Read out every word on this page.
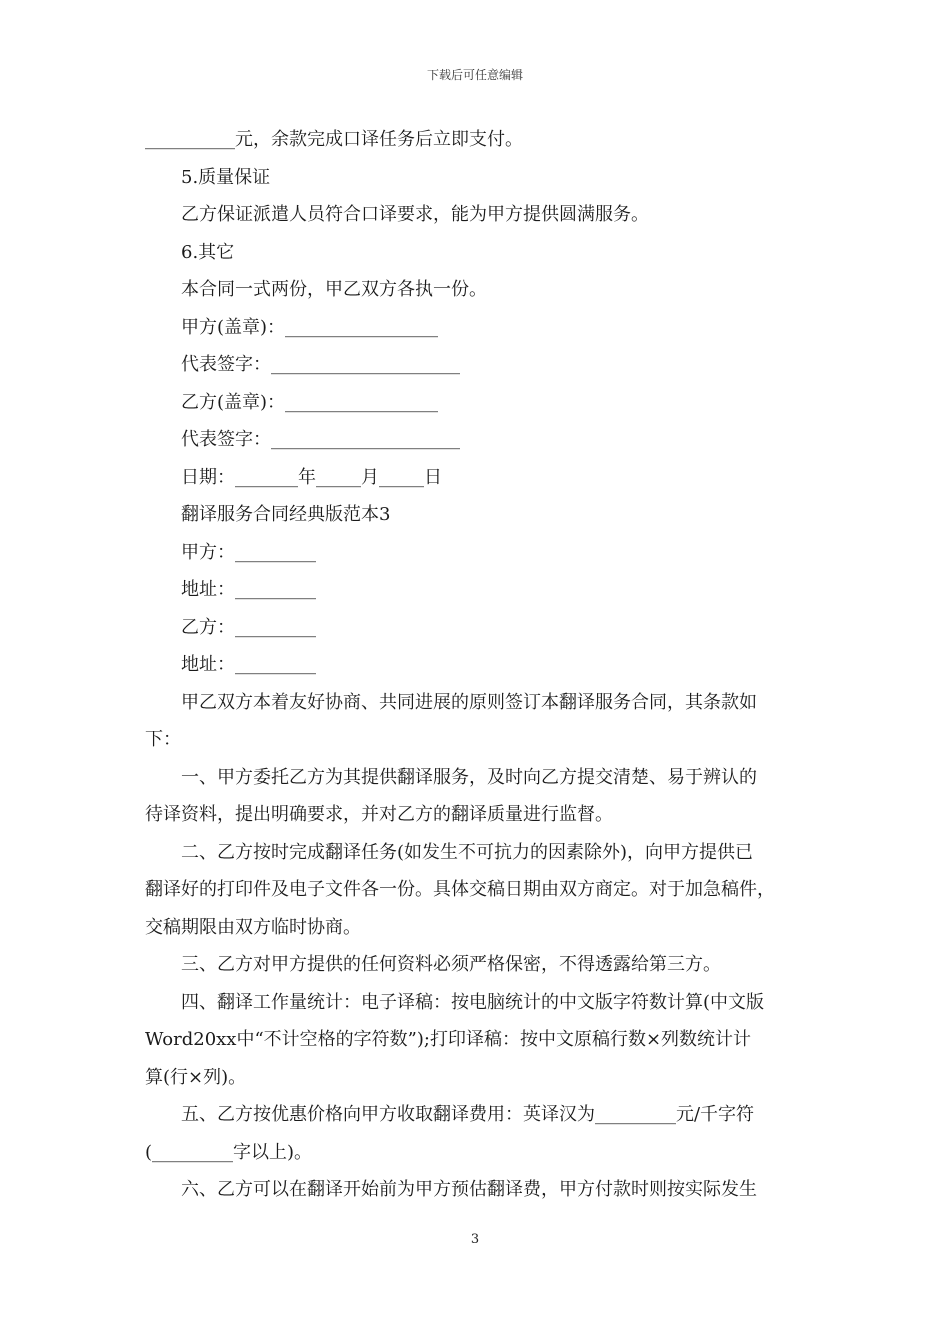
下载后可任意编辑
__________元，余款完成口译任务后立即支付。
5.质量保证
乙方保证派遣人员符合口译要求，能为甲方提供圆满服务。
6.其它
本合同一式两份，甲乙双方各执一份。
甲方(盖章)：_________________
代表签字：_____________________
乙方(盖章)：_________________
代表签字：_____________________
日期：_______年_____月_____日
翻译服务合同经典版范本3
甲方：_________
地址：_________
乙方：_________
地址：_________
甲乙双方本着友好协商、共同进展的原则签订本翻译服务合同，其条款如
下：
一、甲方委托乙方为其提供翻译服务，及时向乙方提交清楚、易于辨认的
待译资料，提出明确要求，并对乙方的翻译质量进行监督。
二、乙方按时完成翻译任务(如发生不可抗力的因素除外)，向甲方提供已
翻译好的打印件及电子文件各一份。具体交稿日期由双方商定。对于加急稿件，
交稿期限由双方临时协商。
三、乙方对甲方提供的任何资料必须严格保密，不得透露给第三方。
四、翻译工作量统计：电子译稿：按电脑统计的中文版字符数计算(中文版
Word20xx中“不计空格的字符数”);打印译稿：按中文原稿行数×列数统计计
算(行×列)。
五、乙方按优惠价格向甲方收取翻译费用：英译汉为_________元/千字符
(_________字以上)。
六、乙方可以在翻译开始前为甲方预估翻译费，甲方付款时则按实际发生
3
